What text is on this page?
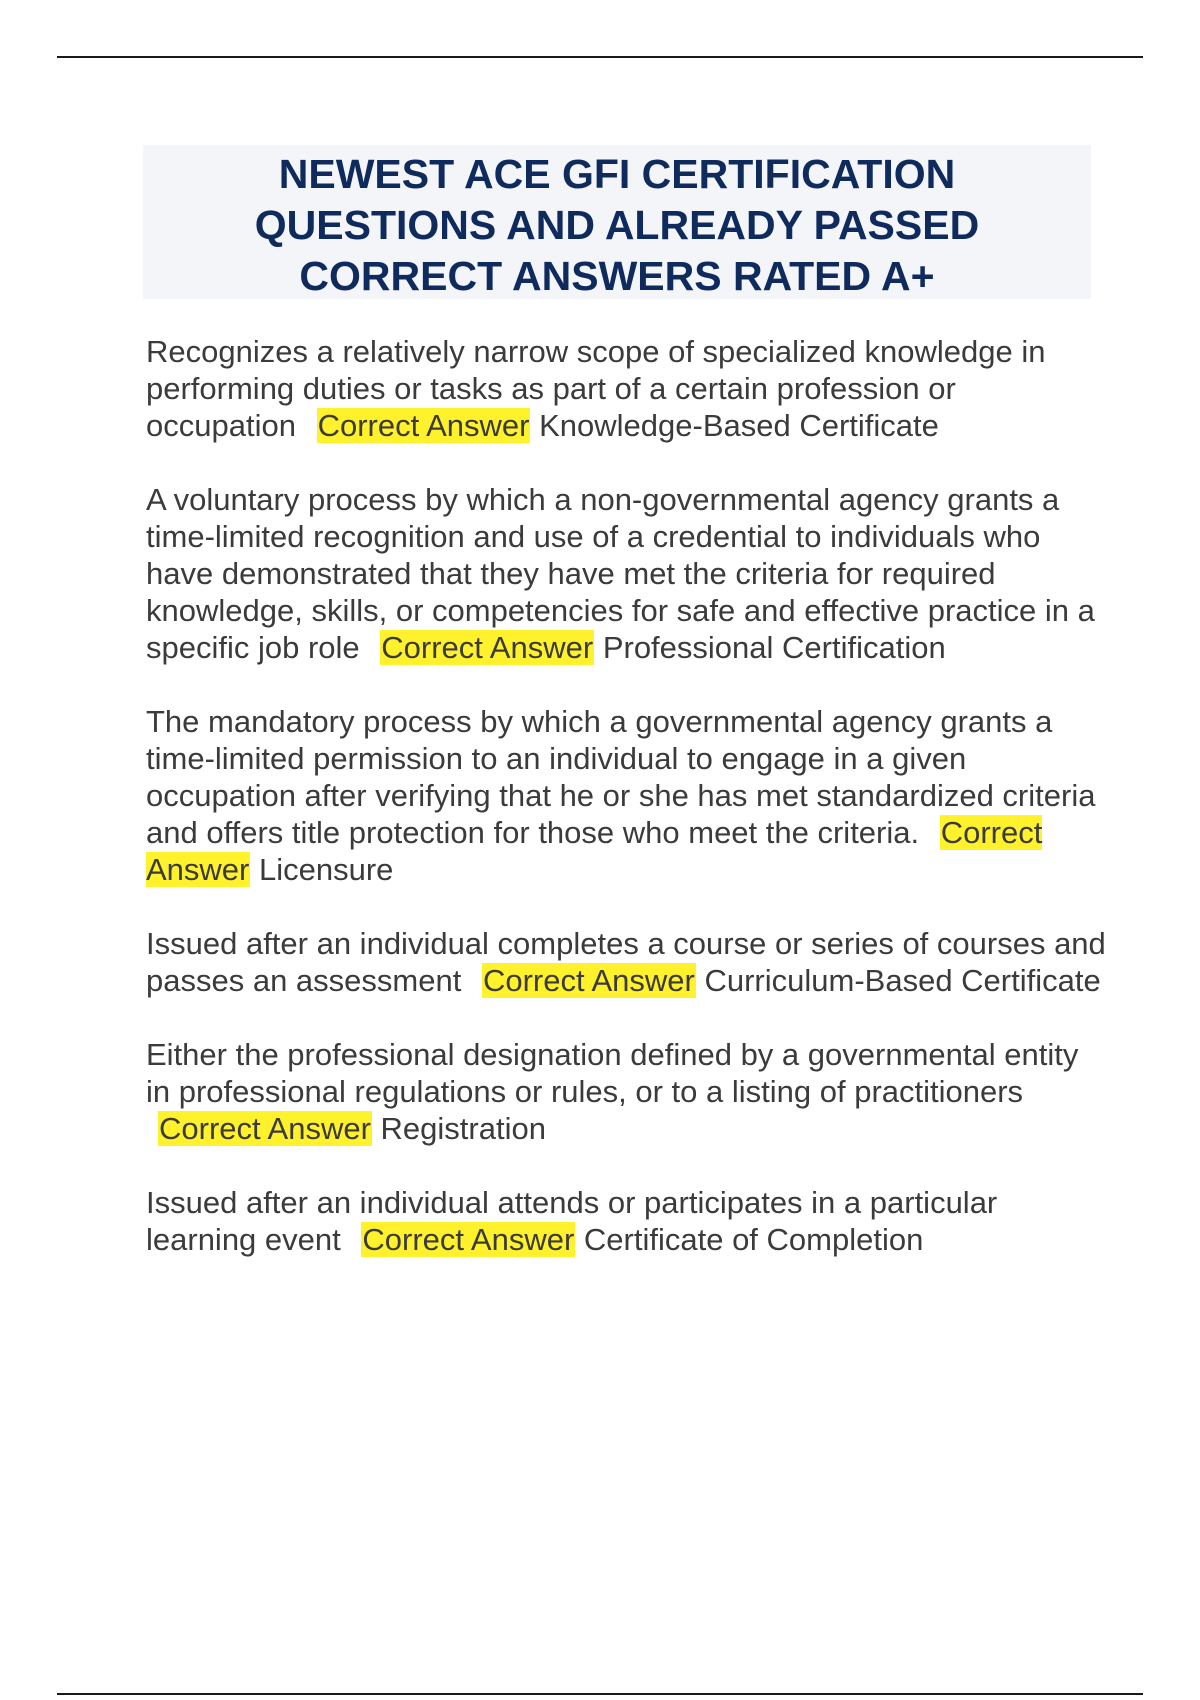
NEWEST ACE GFI CERTIFICATION
QUESTIONS AND ALREADY PASSED
CORRECT ANSWERS RATED A+

Recognizes a relatively narrow scope of specialized knowledge in performing duties or tasks as part of a certain profession or occupation Correct Answer Knowledge-Based Certificate

A voluntary process by which a non-governmental agency grants a time-limited recognition and use of a credential to individuals who have demonstrated that they have met the criteria for required knowledge, skills, or competencies for safe and effective practice in a specific job role Correct Answer Professional Certification

The mandatory process by which a governmental agency grants a time-limited permission to an individual to engage in a given occupation after verifying that he or she has met standardized criteria and offers title protection for those who meet the criteria. Correct Answer Licensure

Issued after an individual completes a course or series of courses and passes an assessment Correct Answer Curriculum-Based Certificate

Either the professional designation defined by a governmental entity in professional regulations or rules, or to a listing of practitioners Correct Answer Registration

Issued after an individual attends or participates in a particular learning event Correct Answer Certificate of Completion
